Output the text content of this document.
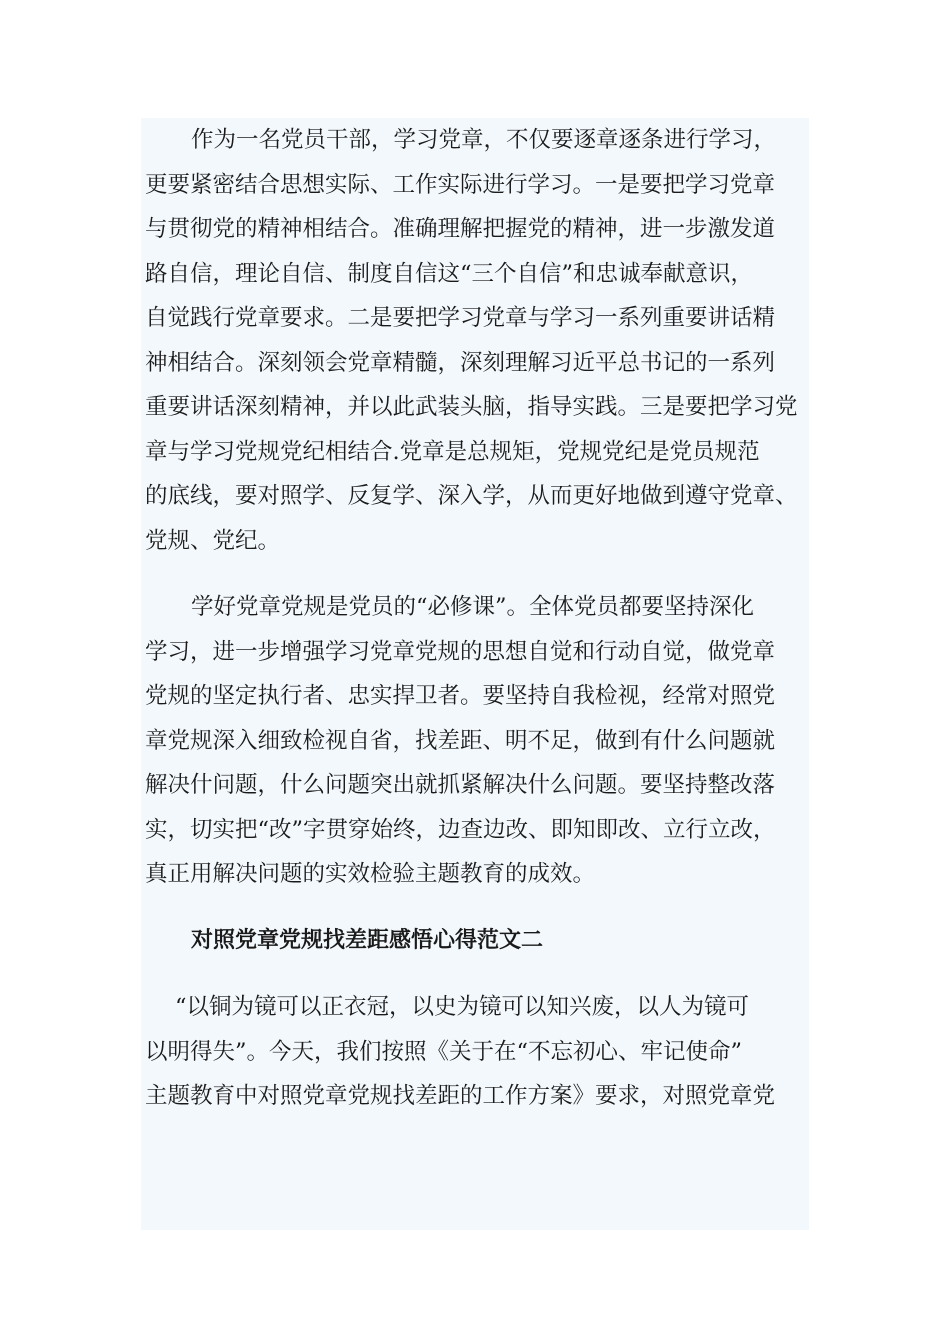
作为一名党员干部，学习党章，不仅要逐章逐条进行学习，
更要紧密结合思想实际、工作实际进行学习。一是要把学习党章
与贯彻党的精神相结合。准确理解把握党的精神，进一步激发道
路自信，理论自信、制度自信这“三个自信”和忠诚奉献意识，
自觉践行党章要求。二是要把学习党章与学习一系列重要讲话精
神相结合。深刻领会党章精髓，深刻理解习近平总书记的一系列
重要讲话深刻精神，并以此武装头脑，指导实践。三是要把学习党
章与学习党规党纪相结合.党章是总规矩，党规党纪是党员规范
的底线，要对照学、反复学、深入学，从而更好地做到遵守党章、
党规、党纪。
学好党章党规是党员的“必修课”。全体党员都要坚持深化
学习，进一步增强学习党章党规的思想自觉和行动自觉，做党章
党规的坚定执行者、忠实捍卫者。要坚持自我检视，经常对照党
章党规深入细致检视自省，找差距、明不足，做到有什么问题就
解决什问题，什么问题突出就抓紧解决什么问题。要坚持整改落
实，切实把“改”字贯穿始终，边查边改、即知即改、立行立改，
真正用解决问题的实效检验主题教育的成效。
对照党章党规找差距感悟心得范文二
“以铜为镜可以正衣冠，以史为镜可以知兴废，以人为镜可
以明得失”。今天，我们按照《关于在“不忘初心、牢记使命”
主题教育中对照党章党规找差距的工作方案》要求，对照党章党
